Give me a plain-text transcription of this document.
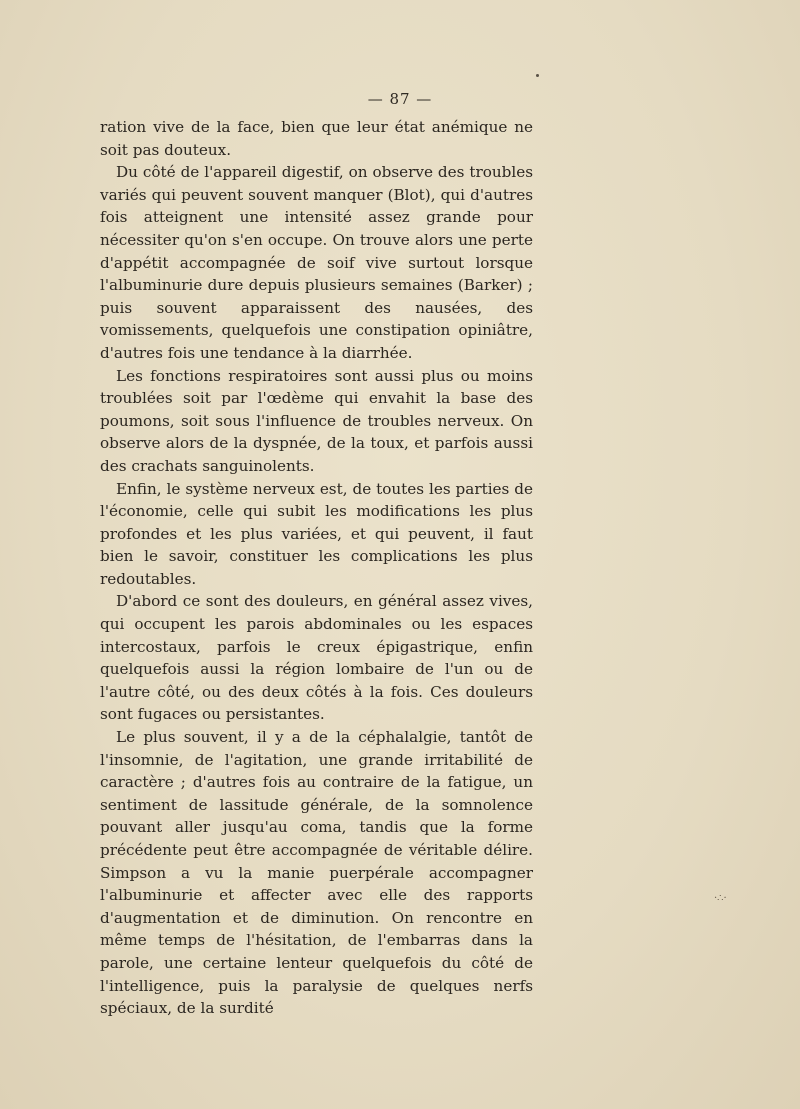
— 87 —

ration vive de la face, bien que leur état anémique ne soit pas douteux.

Du côté de l'appareil digestif, on observe des troubles variés qui peuvent souvent manquer (Blot), qui d'autres fois atteignent une intensité assez grande pour nécessiter qu'on s'en occupe. On trouve alors une perte d'appétit accompagnée de soif vive surtout lorsque l'albuminurie dure depuis plusieurs semaines (Barker) ; puis souvent apparaissent des nausées, des vomissements, quelquefois une constipation opiniâtre, d'autres fois une tendance à la diarrhée.

Les fonctions respiratoires sont aussi plus ou moins troublées soit par l'œdème qui envahit la base des poumons, soit sous l'influence de troubles nerveux. On observe alors de la dyspnée, de la toux, et parfois aussi des crachats sanguinolents.

Enfin, le système nerveux est, de toutes les parties de l'économie, celle qui subit les modifications les plus profondes et les plus variées, et qui peuvent, il faut bien le savoir, constituer les complications les plus redoutables.

D'abord ce sont des douleurs, en général assez vives, qui occupent les parois abdominales ou les espaces intercostaux, parfois le creux épigastrique, enfin quelquefois aussi la région lombaire de l'un ou de l'autre côté, ou des deux côtés à la fois. Ces douleurs sont fugaces ou persistantes.

Le plus souvent, il y a de la céphalalgie, tantôt de l'insomnie, de l'agitation, une grande irritabilité de caractère ; d'autres fois au contraire de la fatigue, un sentiment de lassitude générale, de la somnolence pouvant aller jusqu'au coma, tandis que la forme précédente peut être accompagnée de véritable délire. Simpson a vu la manie puerpérale accompagner l'albuminurie et affecter avec elle des rapports d'augmentation et de diminution. On rencontre en même temps de l'hésitation, de l'embarras dans la parole, une certaine lenteur quelquefois du côté de l'intelligence, puis la paralysie de quelques nerfs spéciaux, de la surdité

·∴·
